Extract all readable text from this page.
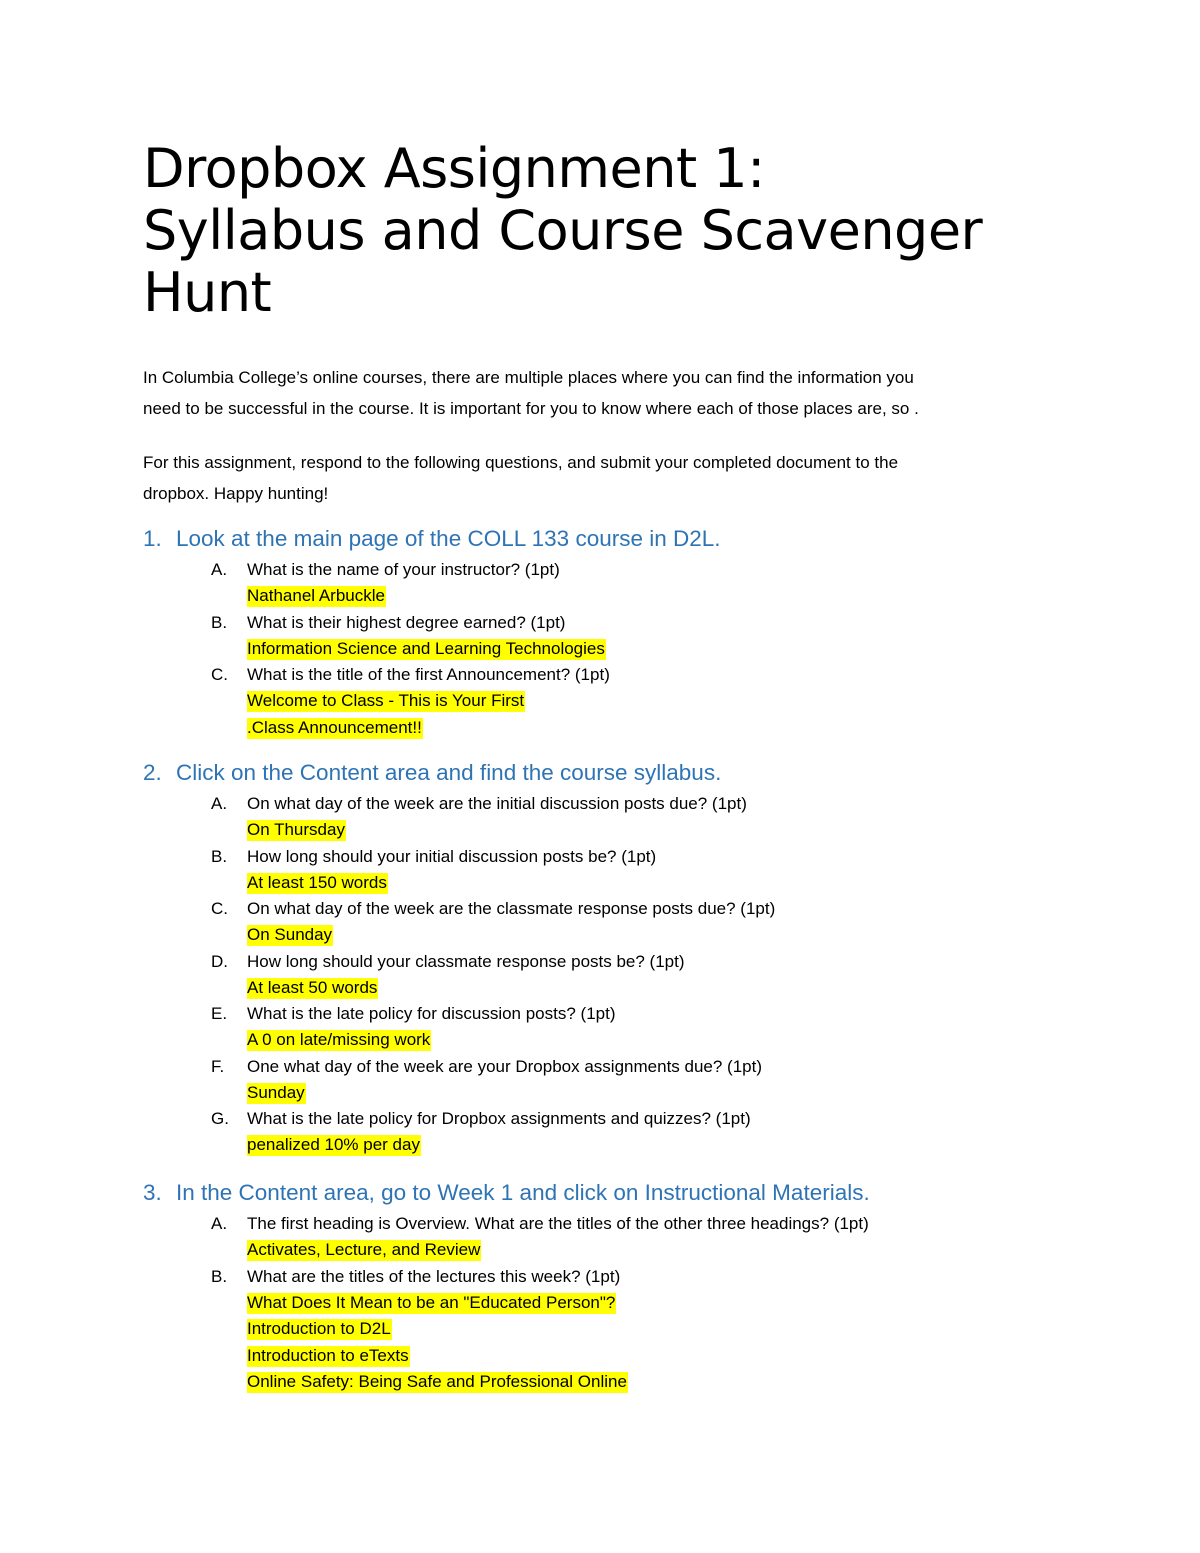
Dropbox Assignment 1:
Syllabus and Course Scavenger
Hunt

In Columbia College’s online courses, there are multiple places where you can find the information you
need to be successful in the course. It is important for you to know where each of those places are, so .

For this assignment, respond to the following questions, and submit your completed document to the
dropbox. Happy hunting!

1. Look at the main page of the COLL 133 course in D2L.
A. What is the name of your instructor? (1pt)
Nathanel Arbuckle
B. What is their highest degree earned? (1pt)
Information Science and Learning Technologies
C. What is the title of the first Announcement? (1pt)
Welcome to Class - This is Your First
.Class Announcement!!
2. Click on the Content area and find the course syllabus.
A. On what day of the week are the initial discussion posts due? (1pt)
On Thursday
B. How long should your initial discussion posts be? (1pt)
At least 150 words
C. On what day of the week are the classmate response posts due? (1pt)
On Sunday
D. How long should your classmate response posts be? (1pt)
At least 50 words
E. What is the late policy for discussion posts? (1pt)
A 0 on late/missing work
F. One what day of the week are your Dropbox assignments due? (1pt)
Sunday
G. What is the late policy for Dropbox assignments and quizzes? (1pt)
penalized 10% per day
3. In the Content area, go to Week 1 and click on Instructional Materials.
A. The first heading is Overview. What are the titles of the other three headings? (1pt)
Activates, Lecture, and Review
B. What are the titles of the lectures this week? (1pt)
What Does It Mean to be an "Educated Person"?
Introduction to D2L
Introduction to eTexts
Online Safety: Being Safe and Professional Online
